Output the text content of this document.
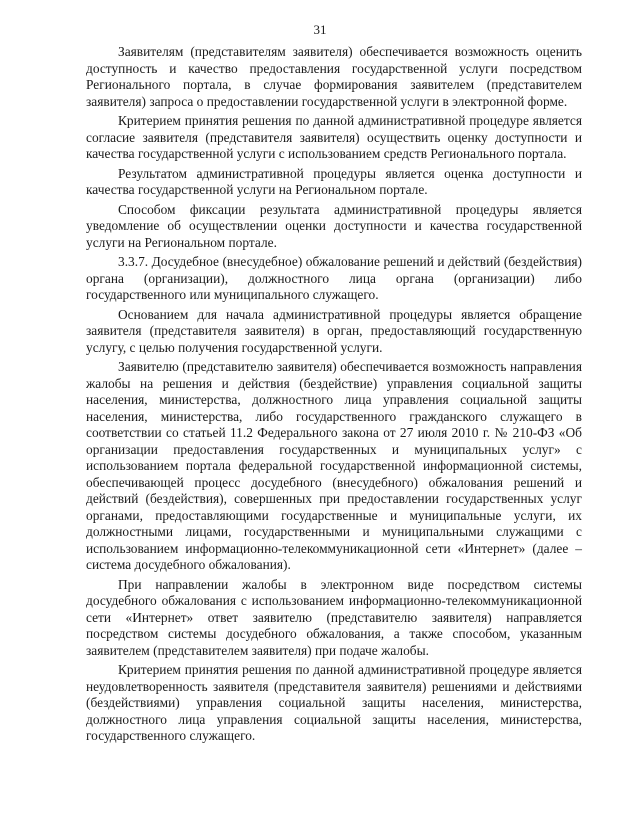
31

Заявителям (представителям заявителя) обеспечивается возможность оценить доступность и качество предоставления государственной услуги посредством Регионального портала, в случае формирования заявителем (представителем заявителя) запроса о предоставлении государственной услуги в электронной форме.

Критерием принятия решения по данной административной процедуре является согласие заявителя (представителя заявителя) осуществить оценку доступности и качества государственной услуги с использованием средств Регионального портала.

Результатом административной процедуры является оценка доступности и качества государственной услуги на Региональном портале.

Способом фиксации результата административной процедуры является уведомление об осуществлении оценки доступности и качества государственной услуги на Региональном портале.

3.3.7. Досудебное (внесудебное) обжалование решений и действий (бездействия) органа (организации), должностного лица органа (организации) либо государственного или муниципального служащего.

Основанием для начала административной процедуры является обращение заявителя (представителя заявителя) в орган, предоставляющий государственную услугу, с целью получения государственной услуги.

Заявителю (представителю заявителя) обеспечивается возможность направления жалобы на решения и действия (бездействие) управления социальной защиты населения, министерства, должностного лица управления социальной защиты населения, министерства, либо государственного гражданского служащего в соответствии со статьей 11.2 Федерального закона от 27 июля 2010 г. № 210-ФЗ «Об организации предоставления государственных и муниципальных услуг» с использованием портала федеральной государственной информационной системы, обеспечивающей процесс досудебного (внесудебного) обжалования решений и действий (бездействия), совершенных при предоставлении государственных услуг органами, предоставляющими государственные и муниципальные услуги, их должностными лицами, государственными и муниципальными служащими с использованием информационно-телекоммуникационной сети «Интернет» (далее – система досудебного обжалования).

При направлении жалобы в электронном виде посредством системы досудебного обжалования с использованием информационно-телекоммуникационной сети «Интернет» ответ заявителю (представителю заявителя) направляется посредством системы досудебного обжалования, а также способом, указанным заявителем (представителем заявителя) при подаче жалобы.

Критерием принятия решения по данной административной процедуре является неудовлетворенность заявителя (представителя заявителя) решениями и действиями (бездействиями) управления социальной защиты населения, министерства, должностного лица управления социальной защиты населения, министерства, государственного служащего.
